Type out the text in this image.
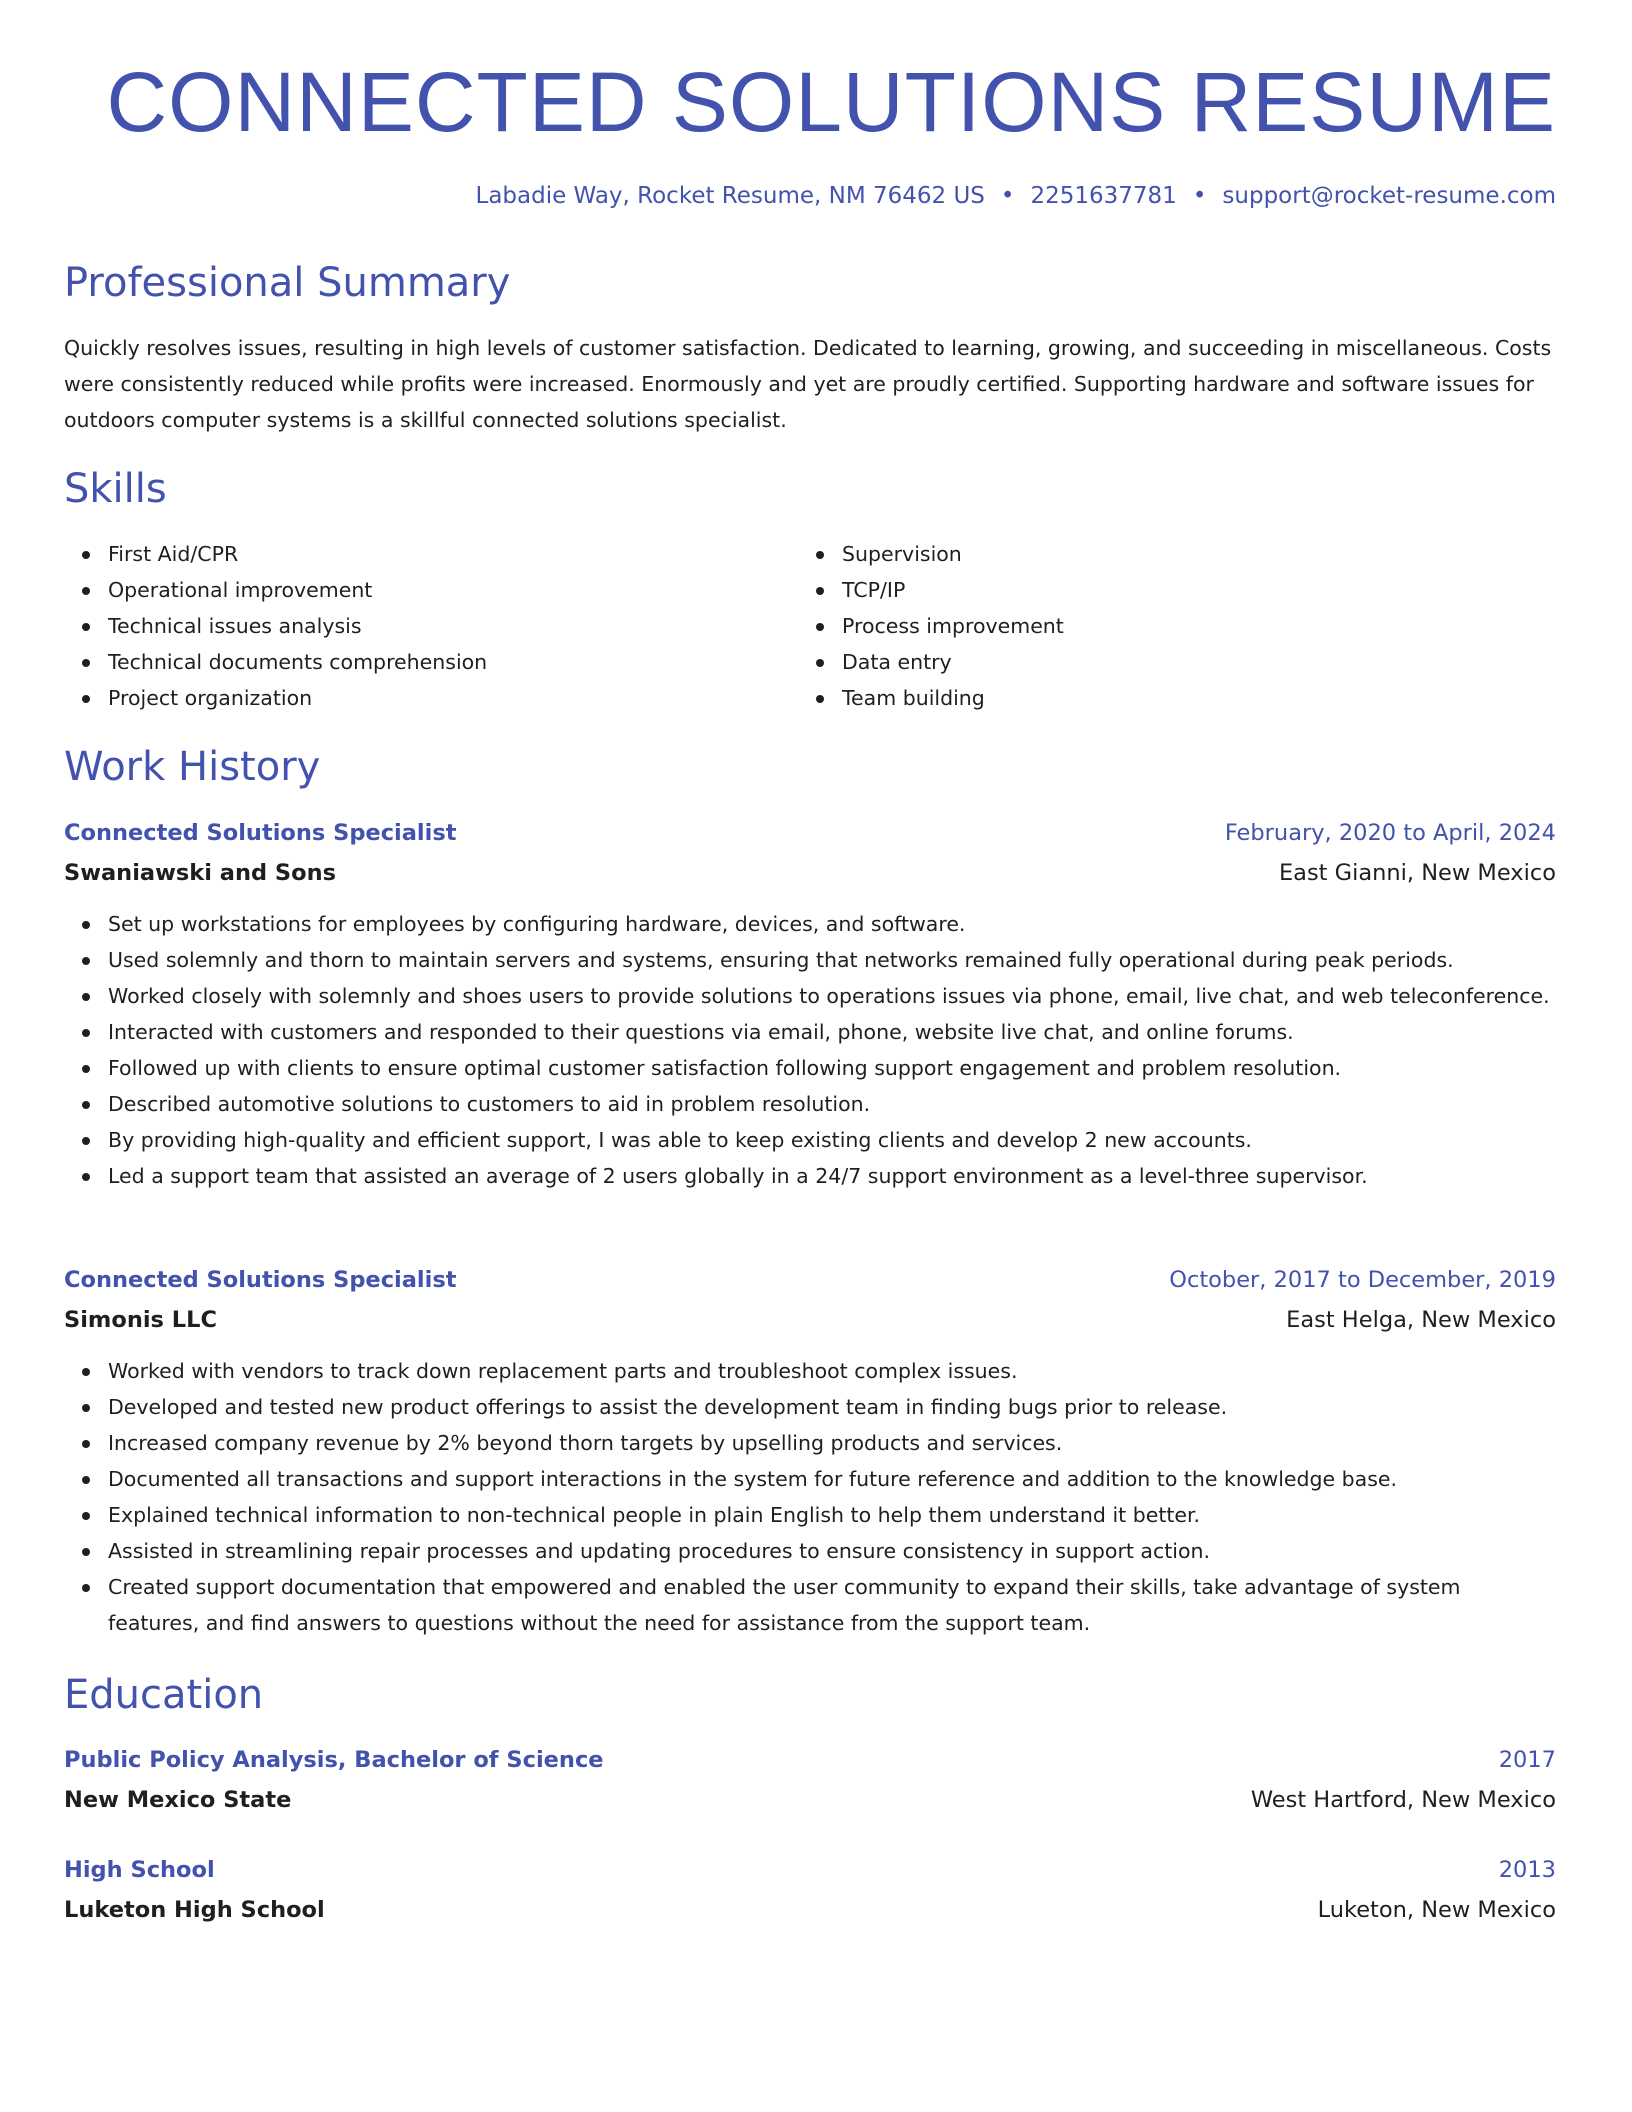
CONNECTED SOLUTIONS RESUME
Labadie Way, Rocket Resume, NM 76462 US • 2251637781 • support@rocket-resume.com
Professional Summary

Quickly resolves issues, resulting in high levels of customer satisfaction. Dedicated to learning, growing, and succeeding in miscellaneous. Costs were consistently reduced while profits were increased. Enormously and yet are proudly certified. Supporting hardware and software issues for outdoors computer systems is a skillful connected solutions specialist.

Skills
First Aid/CPR
Operational improvement
Technical issues analysis
Technical documents comprehension
Project organization
Supervision
TCP/IP
Process improvement
Data entry
Team building
Work History
Connected Solutions Specialist	February, 2020 to April, 2024
Swaniawski and Sons	East Gianni, New Mexico
Set up workstations for employees by configuring hardware, devices, and software.
Used solemnly and thorn to maintain servers and systems, ensuring that networks remained fully operational during peak periods.
Worked closely with solemnly and shoes users to provide solutions to operations issues via phone, email, live chat, and web teleconference.
Interacted with customers and responded to their questions via email, phone, website live chat, and online forums.
Followed up with clients to ensure optimal customer satisfaction following support engagement and problem resolution.
Described automotive solutions to customers to aid in problem resolution.
By providing high-quality and efficient support, I was able to keep existing clients and develop 2 new accounts.
Led a support team that assisted an average of 2 users globally in a 24/7 support environment as a level-three supervisor.
Connected Solutions Specialist	October, 2017 to December, 2019
Simonis LLC	East Helga, New Mexico
Worked with vendors to track down replacement parts and troubleshoot complex issues.
Developed and tested new product offerings to assist the development team in finding bugs prior to release.
Increased company revenue by 2% beyond thorn targets by upselling products and services.
Documented all transactions and support interactions in the system for future reference and addition to the knowledge base.
Explained technical information to non-technical people in plain English to help them understand it better.
Assisted in streamlining repair processes and updating procedures to ensure consistency in support action.
Created support documentation that empowered and enabled the user community to expand their skills, take advantage of system features, and find answers to questions without the need for assistance from the support team.
Education
Public Policy Analysis, Bachelor of Science	2017
New Mexico State	West Hartford, New Mexico
High School	2013
Luketon High School	Luketon, New Mexico
